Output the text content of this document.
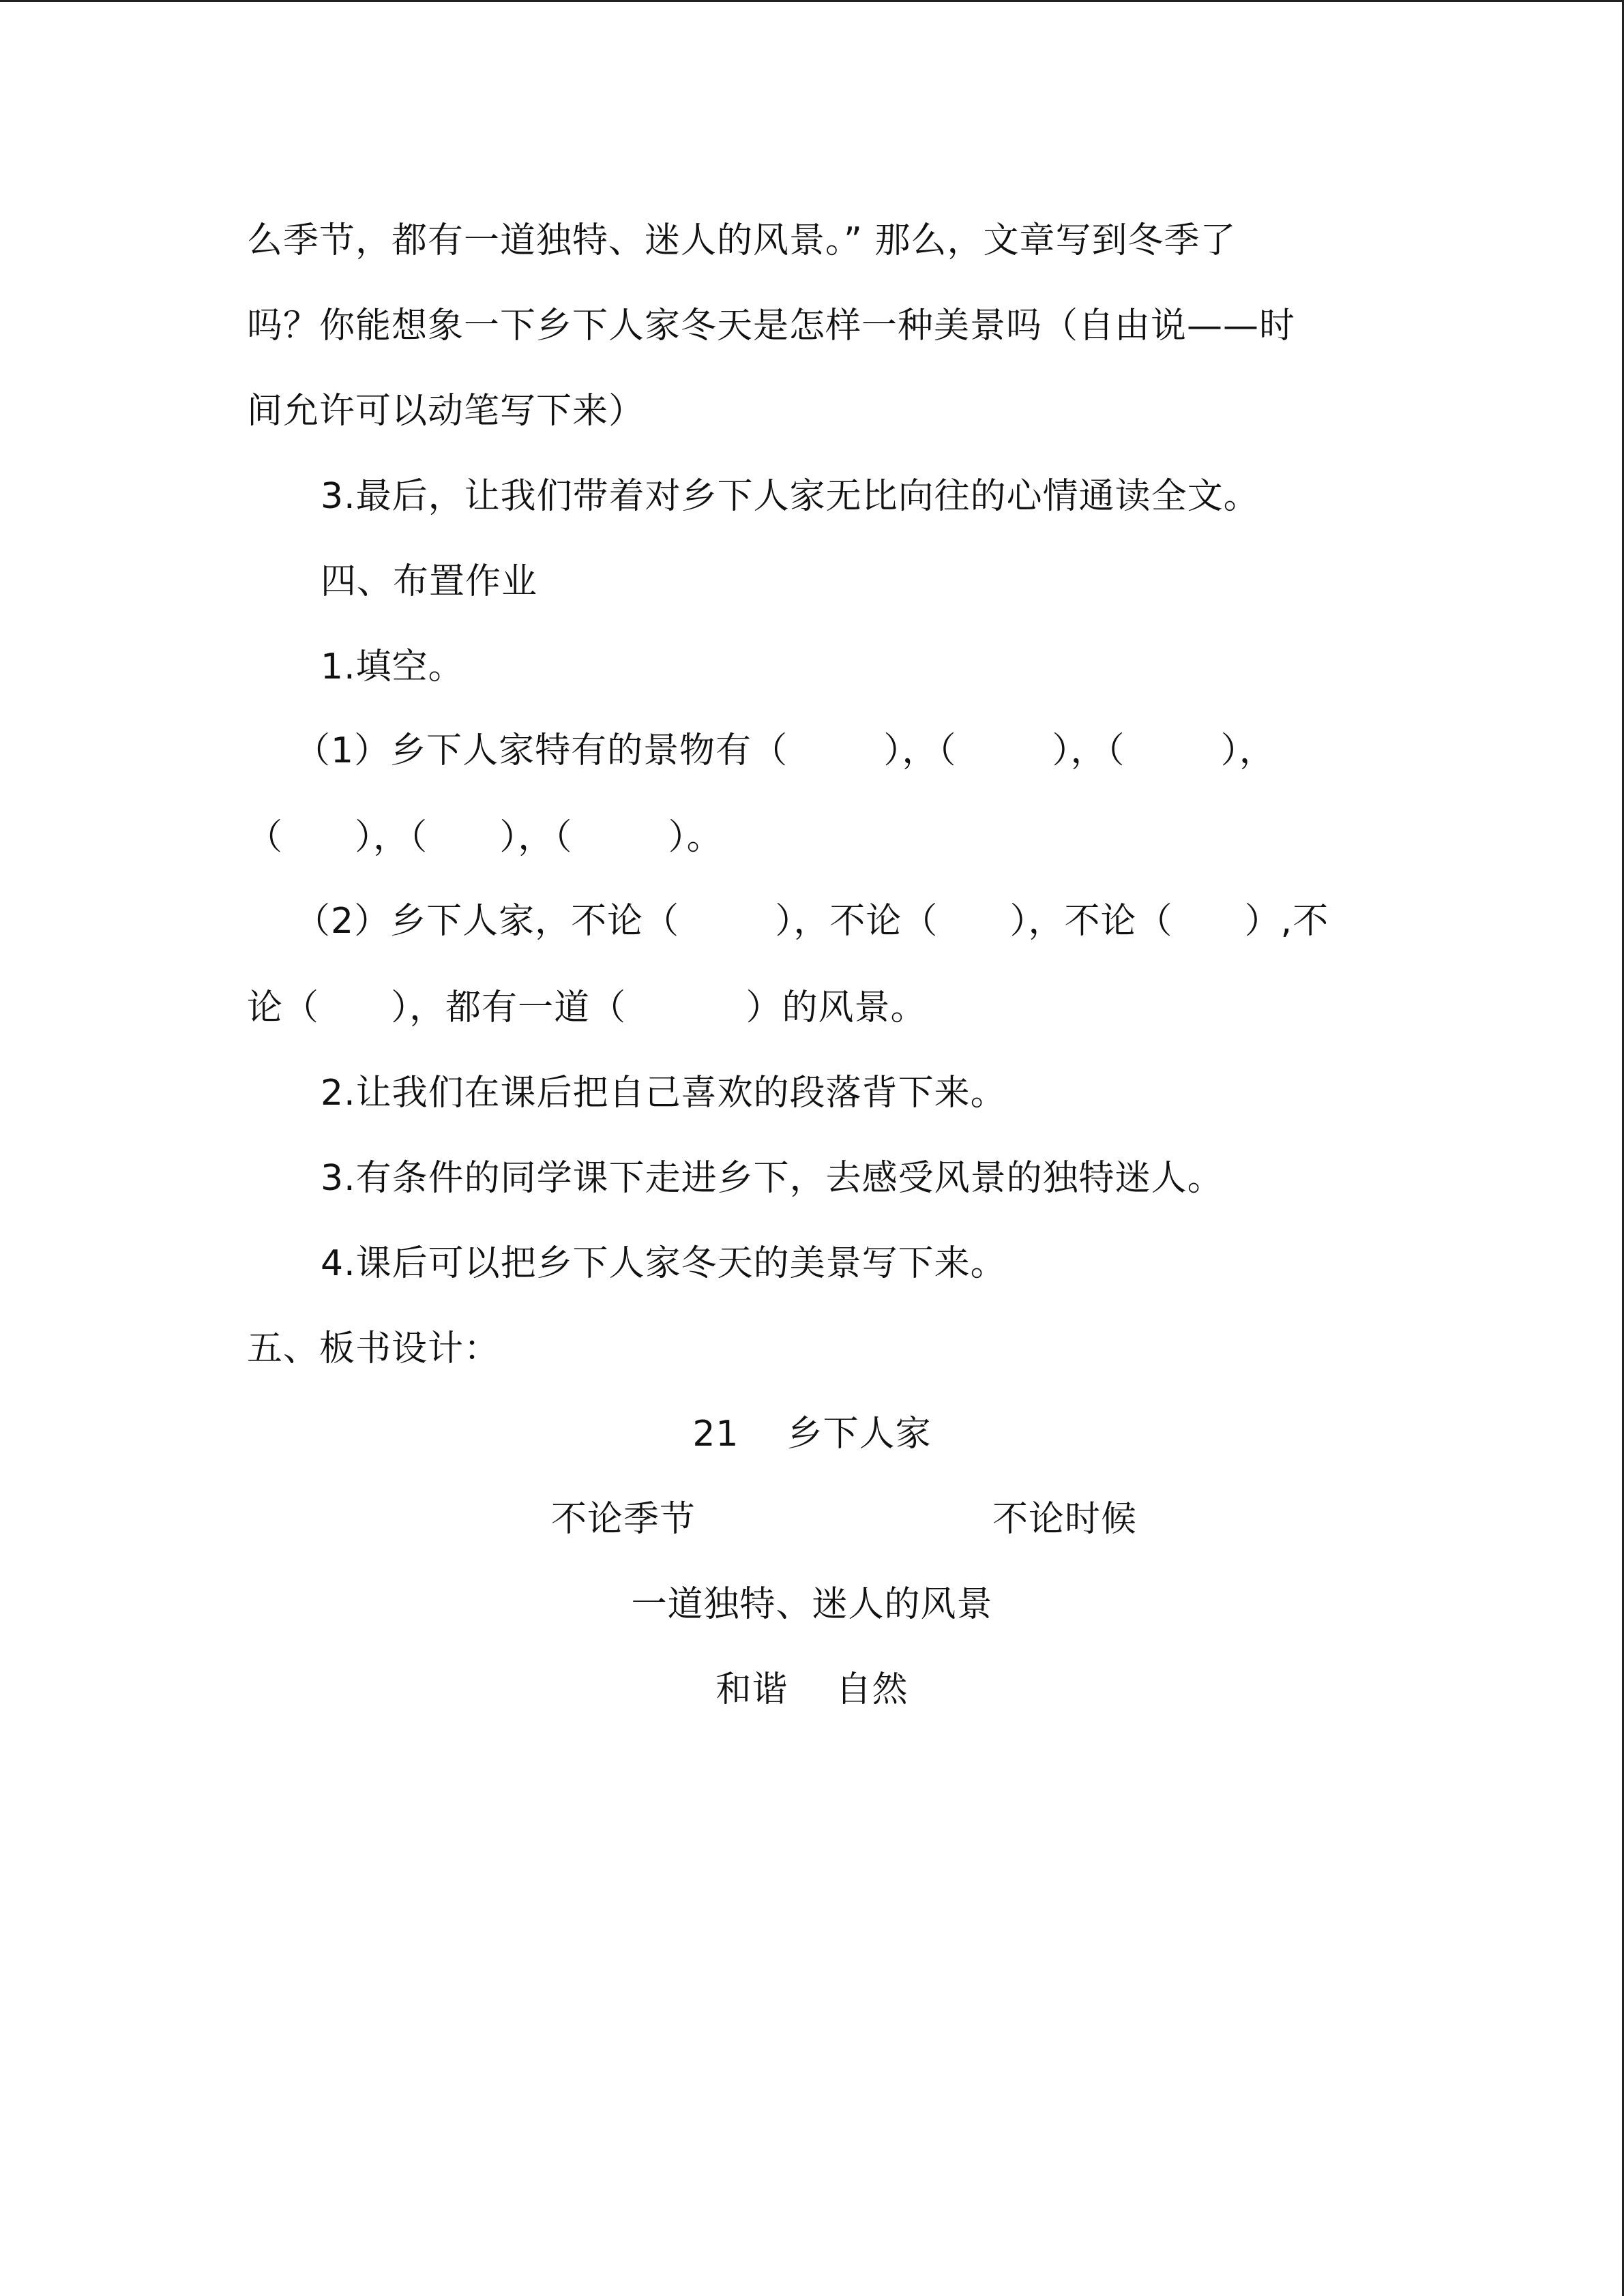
么季节，都有一道独特、迷人的风景。” 那么，文章写到冬季了
吗？你能想象一下乡下人家冬天是怎样一种美景吗（自由说——时
间允许可以动笔写下来）
3.最后，让我们带着对乡下人家无比向往的心情通读全文。
四、布置作业
1.填空。
（1）乡下人家特有的景物有（        ），（        ），（        ），
（      ），（      ），（        ）。
（2）乡下人家，不论（        ），不论（      ），不论（      ）,不
论（      ），都有一道（          ）的风景。
2.让我们在课后把自己喜欢的段落背下来。
3.有条件的同学课下走进乡下，去感受风景的独特迷人。
4.课后可以把乡下人家冬天的美景写下来。
五、板书设计：
21    乡下人家
不论季节	不论时候
一道独特、迷人的风景
和谐    自然
